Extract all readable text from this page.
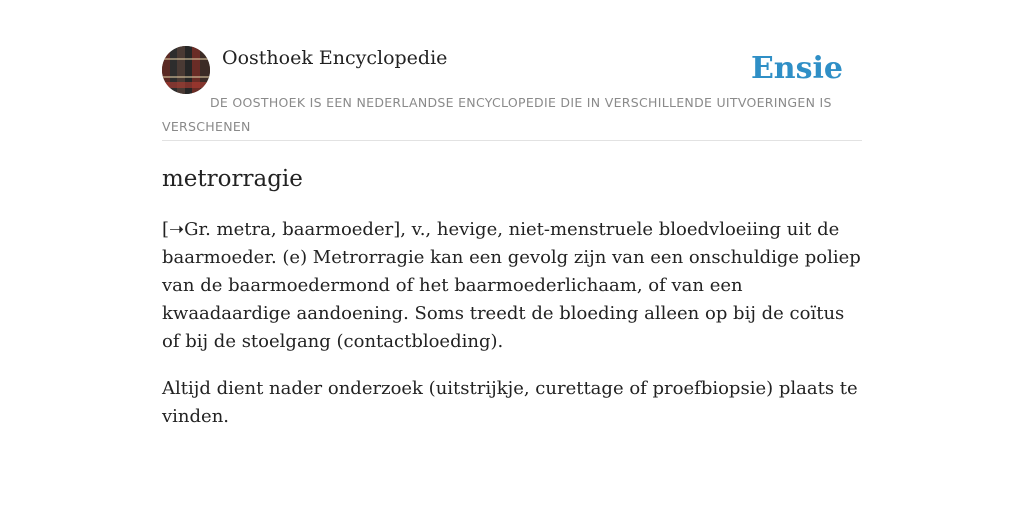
Oosthoek Encyclopedie	Ensie
DE OOSTHOEK IS EEN NEDERLANDSE ENCYCLOPEDIE DIE IN VERSCHILLENDE UITVOERINGEN IS VERSCHENEN
metrorragie

[➝Gr. metra, baarmoeder], v., hevige, niet-menstruele bloedvloeiing uit de baarmoeder. (e) Metrorragie kan een gevolg zijn van een onschuldige poliep van de baarmoedermond of het baarmoederlichaam, of van een kwaadaardige aandoening. Soms treedt de bloeding alleen op bij de coïtus of bij de stoelgang (contactbloeding).

Altijd dient nader onderzoek (uitstrijkje, curettage of proefbiopsie) plaats te vinden.
